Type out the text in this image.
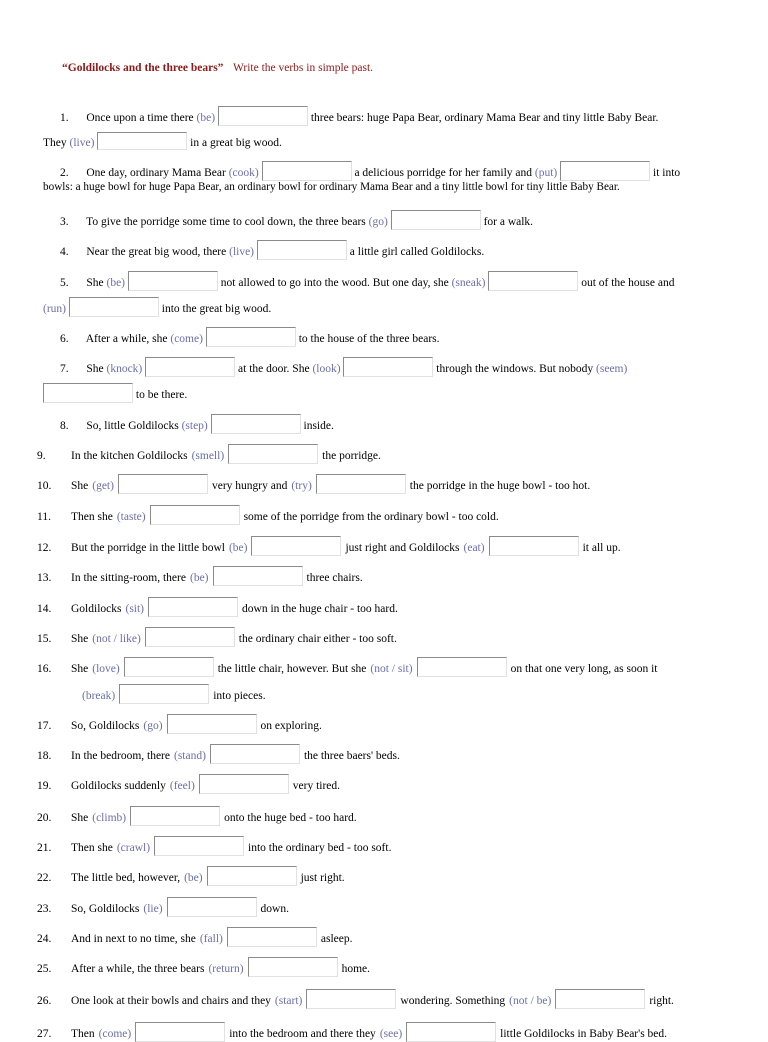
“Goldilocks and the three bears” Write the verbs in simple past.
1. Once upon a time there (be)	three bears: huge Papa Bear, ordinary Mama Bear and tiny little Baby Bear.
They (live)	in a great big wood.
2. One day, ordinary Mama Bear (cook)	a delicious porridge for her family and (put)	it into
bowls: a huge bowl for huge Papa Bear, an ordinary bowl for ordinary Mama Bear and a tiny little bowl for tiny little Baby Bear.
3. To give the porridge some time to cool down, the three bears (go)	for a walk.
4. Near the great big wood, there (live)	a little girl called Goldilocks.
5. She (be)	not allowed to go into the wood. But one day, she (sneak)	out of the house and
(run)	into the great big wood.
6. After a while, she (come)	to the house of the three bears.
7. She (knock)	at the door. She (look)	through the windows. But nobody (seem)
to be there.
8. So, little Goldilocks (step)	inside.
9. In the kitchen Goldilocks (smell)	the porridge.
10. She (get)	very hungry and (try)	the porridge in the huge bowl - too hot.
11. Then she (taste)	some of the porridge from the ordinary bowl - too cold.
12. But the porridge in the little bowl (be)	just right and Goldilocks (eat)	it all up.
13. In the sitting-room, there (be)	three chairs.
14. Goldilocks (sit)	down in the huge chair - too hard.
15. She (not / like)	the ordinary chair either - too soft.
16. She (love)	the little chair, however. But she (not / sit)	on that one very long, as soon it
(break)	into pieces.
17. So, Goldilocks (go)	on exploring.
18. In the bedroom, there (stand)	the three baers' beds.
19. Goldilocks suddenly (feel)	very tired.
20. She (climb)	onto the huge bed - too hard.
21. Then she (crawl)	into the ordinary bed - too soft.
22. The little bed, however, (be)	just right.
23. So, Goldilocks (lie)	down.
24. And in next to no time, she (fall)	asleep.
25. After a while, the three bears (return)	home.
26. One look at their bowls and chairs and they (start)	wondering. Something (not / be)	right.
27. Then (come)	into the bedroom and there they (see)	little Goldilocks in Baby Bear's bed.
